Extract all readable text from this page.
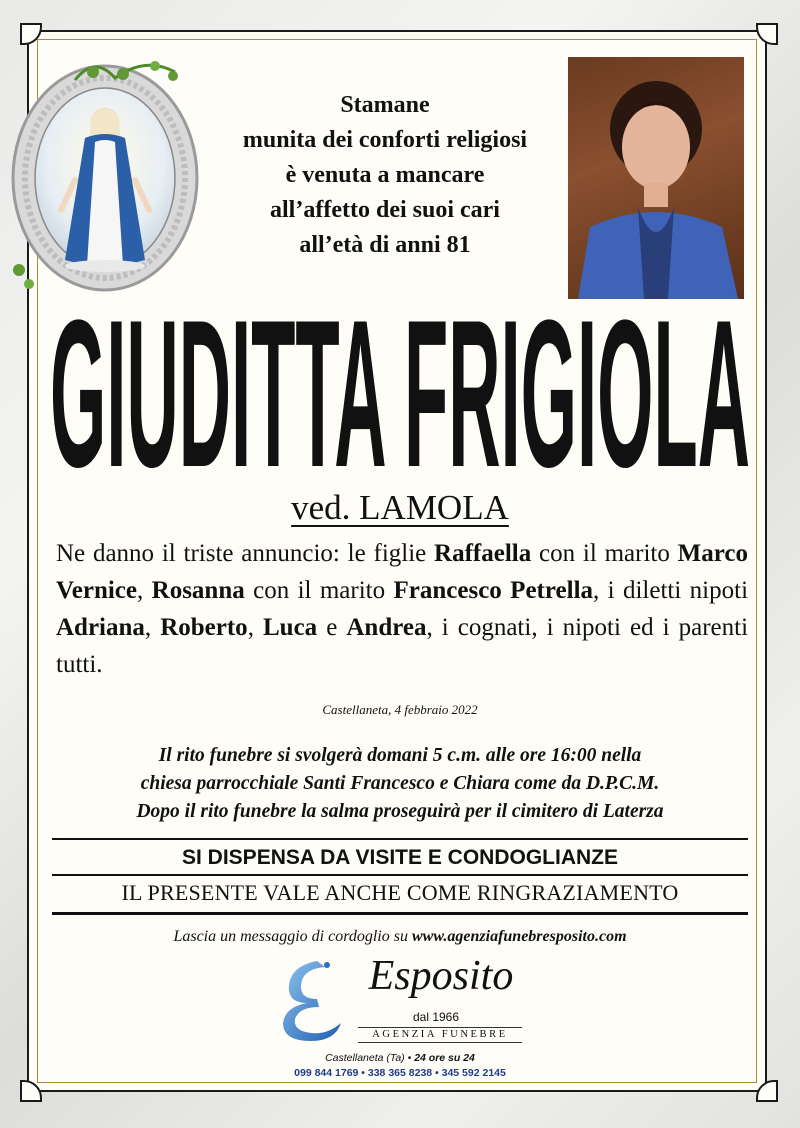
Stamane
munita dei conforti religiosi
è venuta a mancare
all’affetto dei suoi cari
all’età di anni 81
GIUDITTA FRIGIOLA
ved. LAMOLA
Ne danno il triste annuncio: le figlie Raffaella con il marito Marco Vernice, Rosanna con il marito Francesco Petrella, i diletti nipoti Adriana, Roberto, Luca e Andrea, i cognati, i nipoti ed i parenti tutti.
Castellaneta, 4 febbraio 2022
Il rito funebre si svolgerà domani 5 c.m. alle ore 16:00 nella
chiesa parrocchiale Santi Francesco e Chiara come da D.P.C.M.
Dopo il rito funebre la salma proseguirà per il cimitero di Laterza
SI DISPENSA DA VISITE E CONDOGLIANZE
IL PRESENTE VALE ANCHE COME RINGRAZIAMENTO
Lascia un messaggio di cordoglio su www.agenziafunebresposito.com
Esposito
dal 1966
AGENZIA FUNEBRE
Castellaneta (Ta) • 24 ore su 24
099 844 1769 • 338 365 8238 • 345 592 2145
